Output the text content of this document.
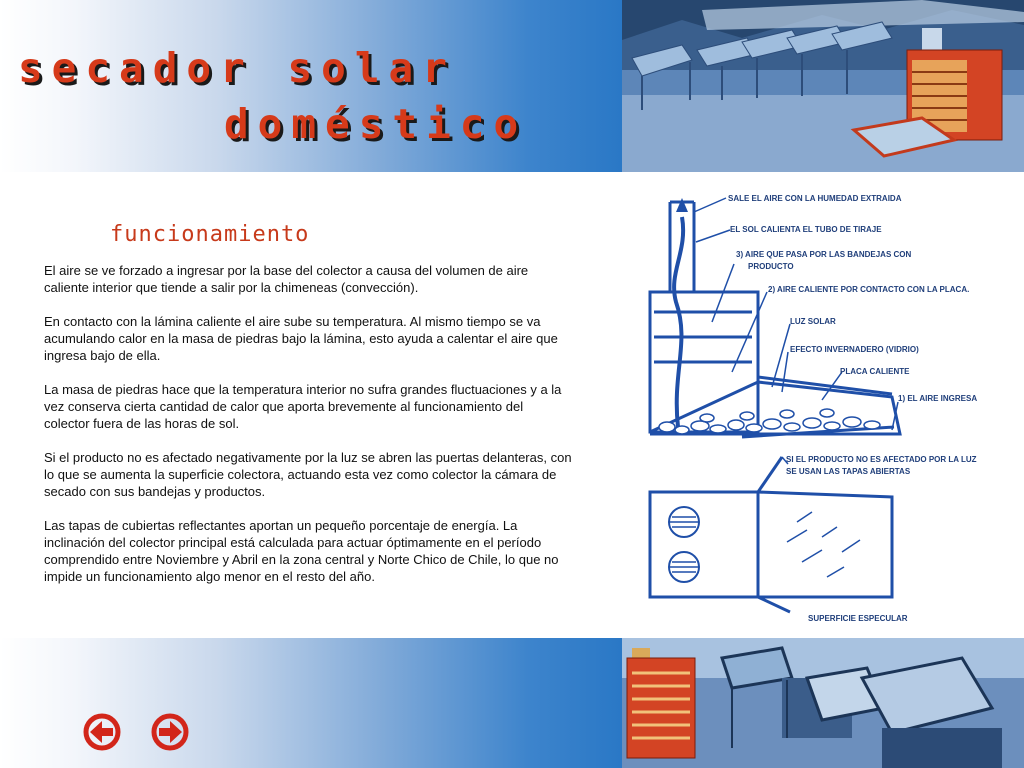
secador solar
doméstico
SALE EL AIRE CON LA HUMEDAD EXTRAIDA
EL SOL CALIENTA EL TUBO DE TIRAJE
3) AIRE QUE PASA POR LAS BANDEJAS CON
PRODUCTO
2) AIRE CALIENTE POR CONTACTO CON LA PLACA.
LUZ SOLAR
EFECTO INVERNADERO (VIDRIO)
PLACA CALIENTE
1) EL AIRE INGRESA
SI EL PRODUCTO NO ES AFECTADO POR LA LUZ
SE USAN LAS TAPAS ABIERTAS
SUPERFICIE ESPECULAR
funcionamiento

El aire se ve forzado a ingresar por la base del colector a causa del volumen de aire caliente interior que tiende a salir por la chimeneas (convección).

En contacto con la lámina caliente el aire sube su temperatura. Al mismo tiempo se va acumulando calor en la masa de piedras bajo la lámina, esto ayuda a calentar el aire que ingresa bajo de ella.

La masa de piedras hace que la temperatura interior no sufra grandes fluctuaciones y a la vez conserva cierta cantidad de calor que aporta brevemente al funcionamiento del colector fuera de las horas de sol.

Si el producto no es afectado negativamente por la luz se abren las puertas delanteras, con lo que se aumenta la superficie colectora, actuando esta vez como colector la cámara de secado con sus bandejas y productos.

Las tapas de cubiertas reflectantes aportan un pequeño porcentaje de energía. La inclinación del colector principal está calculada para actuar óptimamente en el período comprendido entre Noviembre y Abril en la zona central y Norte Chico de Chile, lo que no impide un funcionamiento algo menor en el resto del año.
